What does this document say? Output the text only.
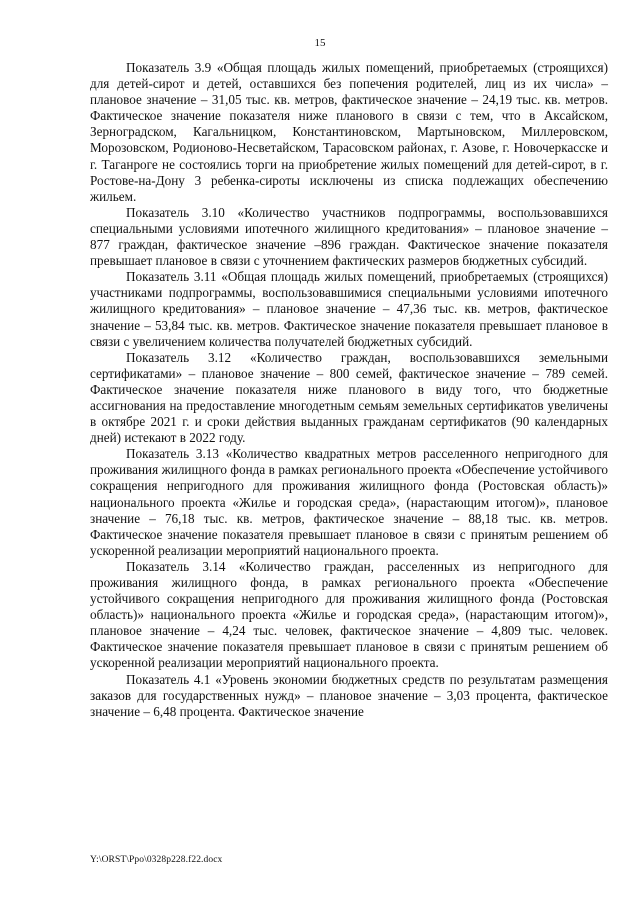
15

Показатель 3.9 «Общая площадь жилых помещений, приобретаемых (строящихся) для детей-сирот и детей, оставшихся без попечения родителей, лиц из их числа» – плановое значение – 31,05 тыс. кв. метров, фактическое значение – 24,19 тыс. кв. метров. Фактическое значение показателя ниже планового в связи с тем, что в Аксайском, Зерноградском, Кагальницком, Константиновском, Мартыновском, Миллеровском, Морозовском, Родионово-Несветайском, Тарасовском районах, г. Азове, г. Новочеркасске и г. Таганроге не состоялись торги на приобретение жилых помещений для детей-сирот, в г. Ростове-на-Дону 3 ребенка-сироты исключены из списка подлежащих обеспечению жильем.

Показатель 3.10 «Количество участников подпрограммы, воспользовавшихся специальными условиями ипотечного жилищного кредитования» – плановое значение – 877 граждан, фактическое значение –896 граждан. Фактическое значение показателя превышает плановое в связи с уточнением фактических размеров бюджетных субсидий.

Показатель 3.11 «Общая площадь жилых помещений, приобретаемых (строящихся) участниками подпрограммы, воспользовавшимися специальными условиями ипотечного жилищного кредитования» – плановое значение – 47,36 тыс. кв. метров, фактическое значение – 53,84 тыс. кв. метров. Фактическое значение показателя превышает плановое в связи с увеличением количества получателей бюджетных субсидий.

Показатель 3.12 «Количество граждан, воспользовавшихся земельными сертификатами» – плановое значение – 800 семей, фактическое значение – 789 семей. Фактическое значение показателя ниже планового в виду того, что бюджетные ассигнования на предоставление многодетным семьям земельных сертификатов увеличены в октябре 2021 г. и сроки действия выданных гражданам сертификатов (90 календарных дней) истекают в 2022 году.

Показатель 3.13 «Количество квадратных метров расселенного непригодного для проживания жилищного фонда в рамках регионального проекта «Обеспечение устойчивого сокращения непригодного для проживания жилищного фонда (Ростовская область)» национального проекта «Жилье и городская среда», (нарастающим итогом)», плановое значение – 76,18 тыс. кв. метров, фактическое значение – 88,18 тыс. кв. метров. Фактическое значение показателя превышает плановое в связи с принятым решением об ускоренной реализации мероприятий национального проекта.

Показатель 3.14 «Количество граждан, расселенных из непригодного для проживания жилищного фонда, в рамках регионального проекта «Обеспечение устойчивого сокращения непригодного для проживания жилищного фонда (Ростовская область)» национального проекта «Жилье и городская среда», (нарастающим итогом)», плановое значение – 4,24 тыс. человек, фактическое значение – 4,809 тыс. человек. Фактическое значение показателя превышает плановое в связи с принятым решением об ускоренной реализации мероприятий национального проекта.

Показатель 4.1 «Уровень экономии бюджетных средств по результатам размещения заказов для государственных нужд» – плановое значение – 3,03 процента, фактическое значение – 6,48 процента. Фактическое значение

Y:\ORST\Ppo\0328p228.f22.docx
